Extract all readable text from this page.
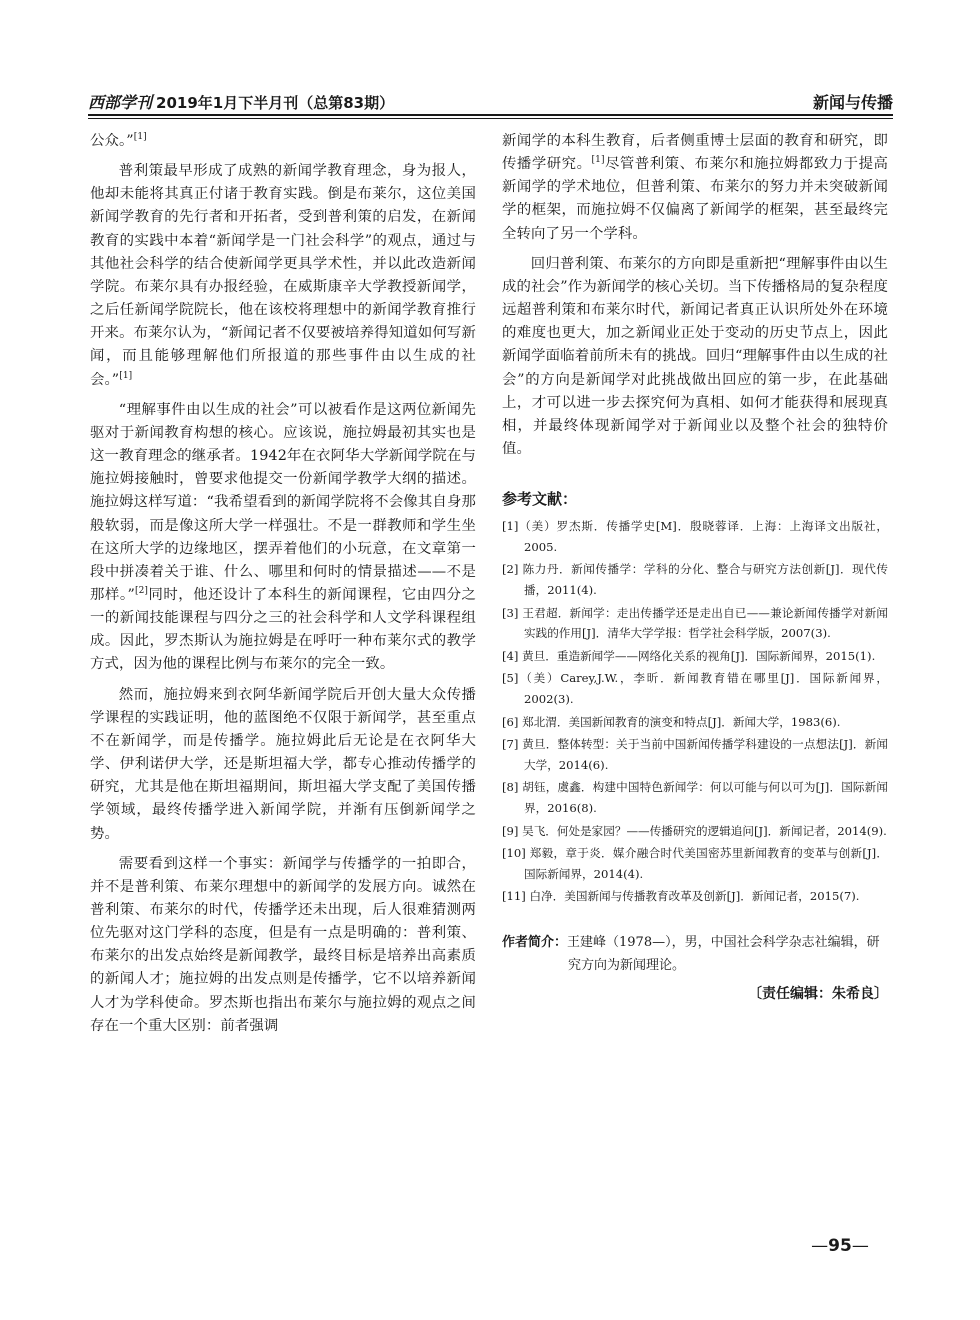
西部学刊 2019年1月下半月刊（总第83期）	新闻与传播

公众。”[1]

普利策最早形成了成熟的新闻学教育理念，身为报人，他却未能将其真正付诸于教育实践。倒是布莱尔，这位美国新闻学教育的先行者和开拓者，受到普利策的启发，在新闻教育的实践中本着“新闻学是一门社会科学”的观点，通过与其他社会科学的结合使新闻学更具学术性，并以此改造新闻学院。布莱尔具有办报经验，在威斯康辛大学教授新闻学，之后任新闻学院院长，他在该校将理想中的新闻学教育推行开来。布莱尔认为，“新闻记者不仅要被培养得知道如何写新闻，而且能够理解他们所报道的那些事件由以生成的社会。”[1]

“理解事件由以生成的社会”可以被看作是这两位新闻先驱对于新闻教育构想的核心。应该说，施拉姆最初其实也是这一教育理念的继承者。1942年在衣阿华大学新闻学院在与施拉姆接触时，曾要求他提交一份新闻学教学大纲的描述。施拉姆这样写道：“我希望看到的新闻学院将不会像其自身那般软弱，而是像这所大学一样强壮。不是一群教师和学生坐在这所大学的边缘地区，摆弄着他们的小玩意，在文章第一段中拼凑着关于谁、什么、哪里和何时的情景描述——不是那样。”[2]同时，他还设计了本科生的新闻课程，它由四分之一的新闻技能课程与四分之三的社会科学和人文学科课程组成。因此，罗杰斯认为施拉姆是在呼吁一种布莱尔式的教学方式，因为他的课程比例与布莱尔的完全一致。

然而，施拉姆来到衣阿华新闻学院后开创大量大众传播学课程的实践证明，他的蓝图绝不仅限于新闻学，甚至重点不在新闻学，而是传播学。施拉姆此后无论是在衣阿华大学、伊利诺伊大学，还是斯坦福大学，都专心推动传播学的研究，尤其是他在斯坦福期间，斯坦福大学支配了美国传播学领域，最终传播学进入新闻学院，并渐有压倒新闻学之势。

需要看到这样一个事实：新闻学与传播学的一拍即合，并不是普利策、布莱尔理想中的新闻学的发展方向。诚然在普利策、布莱尔的时代，传播学还未出现，后人很难猜测两位先驱对这门学科的态度，但是有一点是明确的：普利策、布莱尔的出发点始终是新闻教学，最终目标是培养出高素质的新闻人才；施拉姆的出发点则是传播学，它不以培养新闻人才为学科使命。罗杰斯也指出布莱尔与施拉姆的观点之间存在一个重大区别：前者强调

新闻学的本科生教育，后者侧重博士层面的教育和研究，即传播学研究。[1]尽管普利策、布莱尔和施拉姆都致力于提高新闻学的学术地位，但普利策、布莱尔的努力并未突破新闻学的框架，而施拉姆不仅偏离了新闻学的框架，甚至最终完全转向了另一个学科。

回归普利策、布莱尔的方向即是重新把“理解事件由以生成的社会”作为新闻学的核心关切。当下传播格局的复杂程度远超普利策和布莱尔时代，新闻记者真正认识所处外在环境的难度也更大，加之新闻业正处于变动的历史节点上，因此新闻学面临着前所未有的挑战。回归“理解事件由以生成的社会”的方向是新闻学对此挑战做出回应的第一步，在此基础上，才可以进一步去探究何为真相、如何才能获得和展现真相，并最终体现新闻学对于新闻业以及整个社会的独特价值。

参考文献：
[1]（美）罗杰斯．传播学史[M]．殷晓蓉译．上海：上海译文出版社，2005.
[2] 陈力丹．新闻传播学：学科的分化、整合与研究方法创新[J]．现代传播，2011(4).
[3] 王君超．新闻学：走出传播学还是走出自已——兼论新闻传播学对新闻实践的作用[J]．清华大学学报：哲学社会科学版，2007(3).
[4] 黄旦．重造新闻学——网络化关系的视角[J]．国际新闻界，2015(1).
[5]（美）Carey,J.W.，李昕．新闻教育错在哪里[J]．国际新闻界，2002(3).
[6] 郑北渭．美国新闻教育的演变和特点[J]．新闻大学，1983(6).
[7] 黄旦．整体转型：关于当前中国新闻传播学科建设的一点想法[J]．新闻大学，2014(6).
[8] 胡钰，虞鑫．构建中国特色新闻学：何以可能与何以可为[J]．国际新闻界，2016(8).
[9] 吴飞．何处是家园？——传播研究的逻辑追问[J]．新闻记者，2014(9).
[10] 郑毅，章于炎．媒介融合时代美国密苏里新闻教育的变革与创新[J]．国际新闻界，2014(4).
[11] 白净．美国新闻与传播教育改革及创新[J]．新闻记者，2015(7).
作者简介：王建峰（1978—），男，中国社会科学杂志社编辑，研究方向为新闻理论。
〔责任编辑：朱希良〕
—95—
